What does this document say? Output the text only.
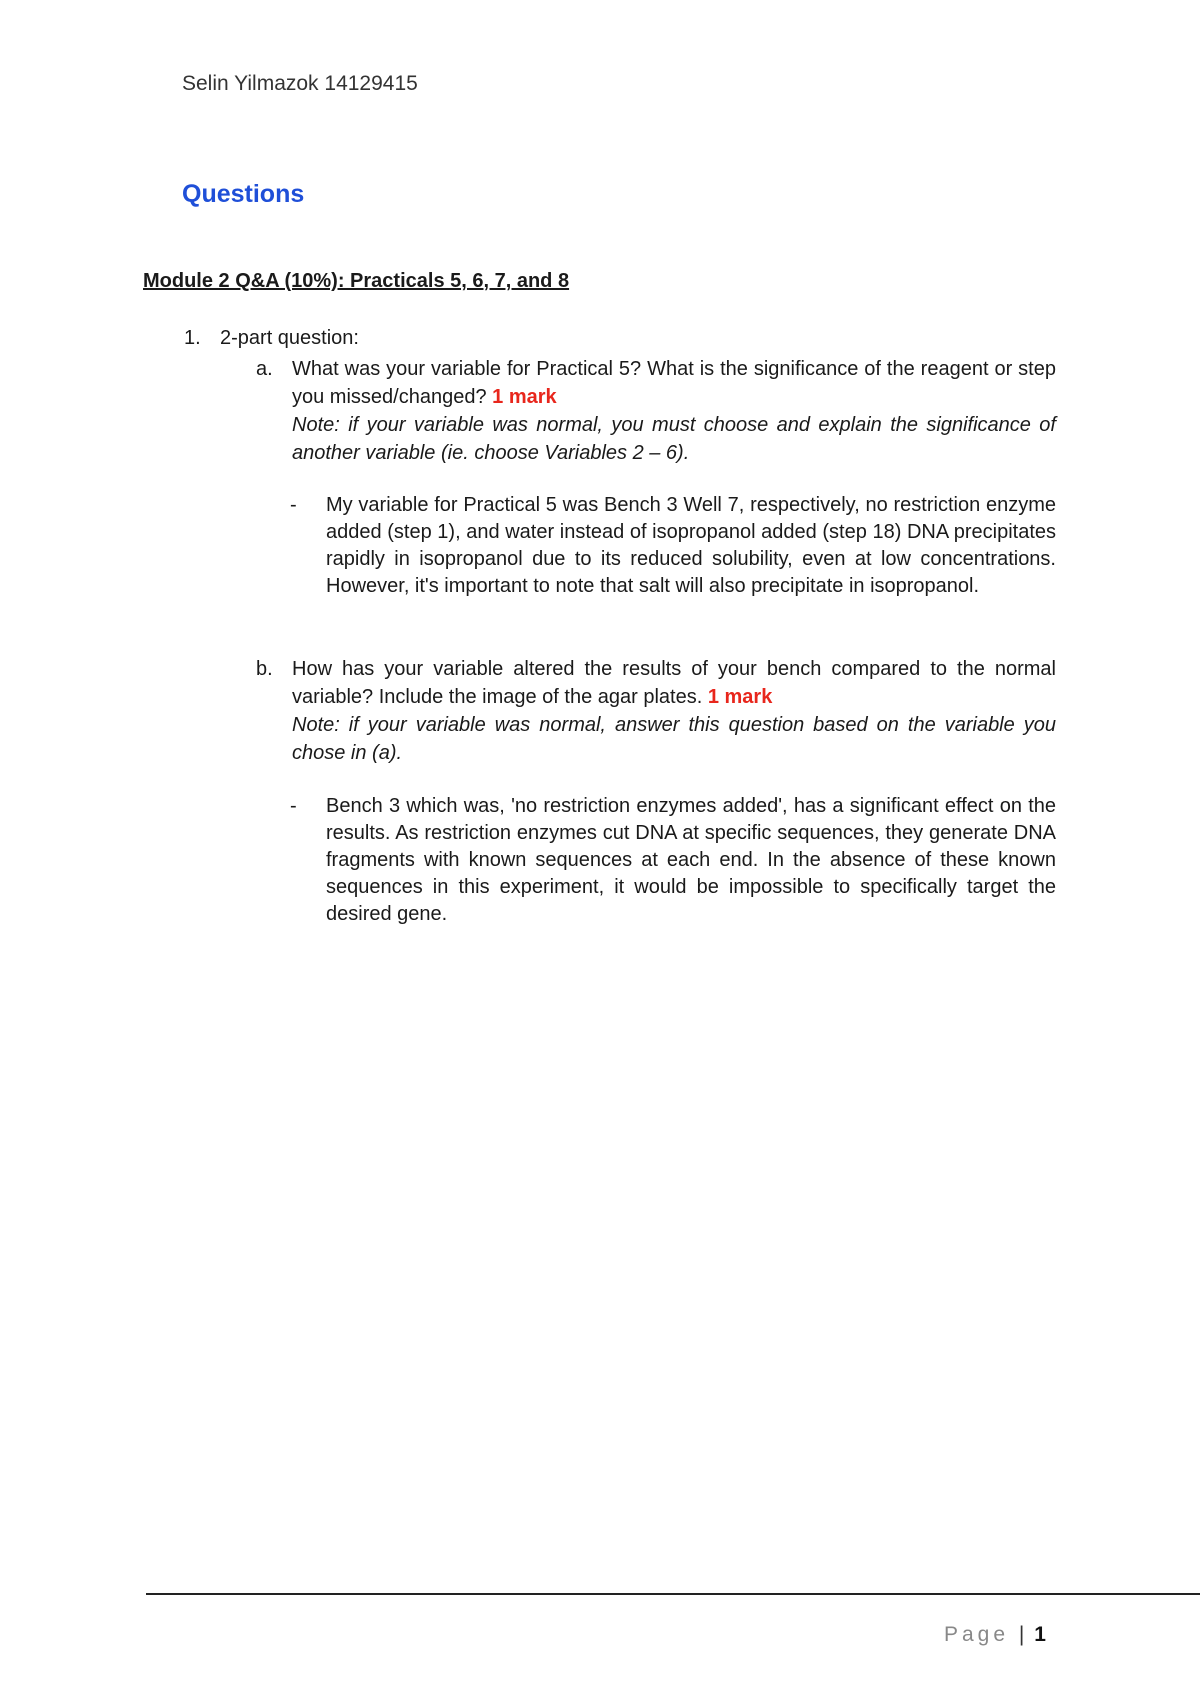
Selin Yilmazok 14129415
Questions
Module 2 Q&A (10%): Practicals 5, 6, 7, and 8
1. 2-part question:
a. What was your variable for Practical 5? What is the significance of the reagent or step you missed/changed? 1 mark
Note: if your variable was normal, you must choose and explain the significance of another variable (ie. choose Variables 2 – 6).
- My variable for Practical 5 was Bench 3 Well 7, respectively, no restriction enzyme added (step 1), and water instead of isopropanol added (step 18) DNA precipitates rapidly in isopropanol due to its reduced solubility, even at low concentrations. However, it's important to note that salt will also precipitate in isopropanol.
b. How has your variable altered the results of your bench compared to the normal variable? Include the image of the agar plates. 1 mark
Note: if your variable was normal, answer this question based on the variable you chose in (a).
- Bench 3 which was, 'no restriction enzymes added', has a significant effect on the results. As restriction enzymes cut DNA at specific sequences, they generate DNA fragments with known sequences at each end. In the absence of these known sequences in this experiment, it would be impossible to specifically target the desired gene.
Page | 1
